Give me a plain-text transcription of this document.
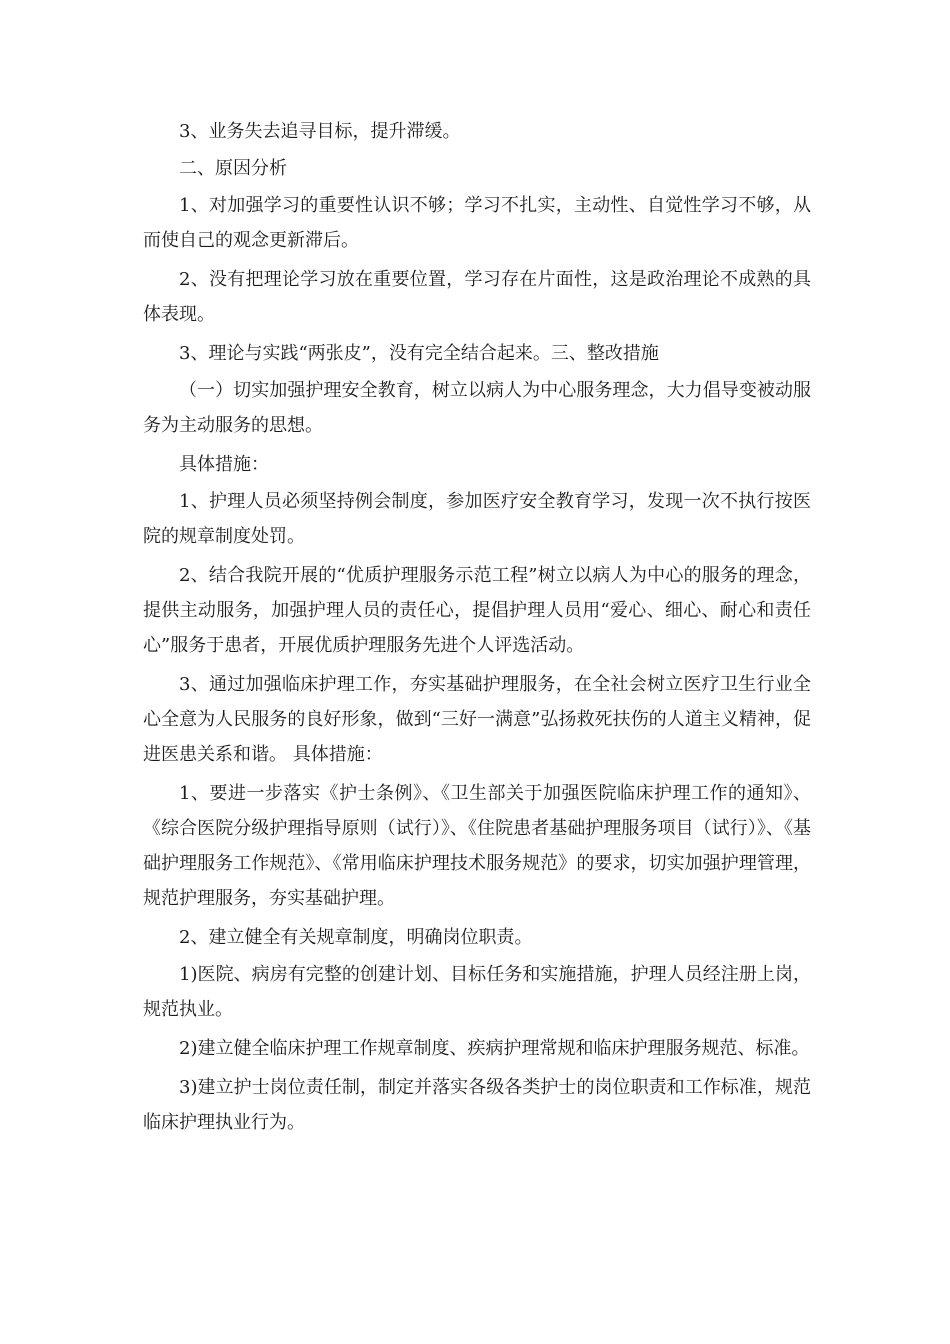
3、业务失去追寻目标，提升滞缓。

二、原因分析

1、对加强学习的重要性认识不够；学习不扎实，主动性、自觉性学习不够，从而使自己的观念更新滞后。

2、没有把理论学习放在重要位置，学习存在片面性，这是政治理论不成熟的具体表现。

3、理论与实践“两张皮”，没有完全结合起来。三、整改措施

（一）切实加强护理安全教育，树立以病人为中心服务理念，大力倡导变被动服务为主动服务的思想。

具体措施：

1、护理人员必须坚持例会制度，参加医疗安全教育学习，发现一次不执行按医院的规章制度处罚。

2、结合我院开展的“优质护理服务示范工程”树立以病人为中心的服务的理念，提供主动服务，加强护理人员的责任心，提倡护理人员用“爱心、细心、耐心和责任心”服务于患者，开展优质护理服务先进个人评选活动。

3、通过加强临床护理工作，夯实基础护理服务，在全社会树立医疗卫生行业全心全意为人民服务的良好形象，做到“三好一满意”弘扬救死扶伤的人道主义精神，促进医患关系和谐。 具体措施：

1、要进一步落实《护士条例》、《卫生部关于加强医院临床护理工作的通知》、《综合医院分级护理指导原则（试行）》、《住院患者基础护理服务项目（试行）》、《基础护理服务工作规范》、《常用临床护理技术服务规范》的要求，切实加强护理管理，规范护理服务，夯实基础护理。

2、建立健全有关规章制度，明确岗位职责。

1)医院、病房有完整的创建计划、目标任务和实施措施，护理人员经注册上岗，规范执业。

2)建立健全临床护理工作规章制度、疾病护理常规和临床护理服务规范、标准。

3)建立护士岗位责任制，制定并落实各级各类护士的岗位职责和工作标准，规范临床护理执业行为。
